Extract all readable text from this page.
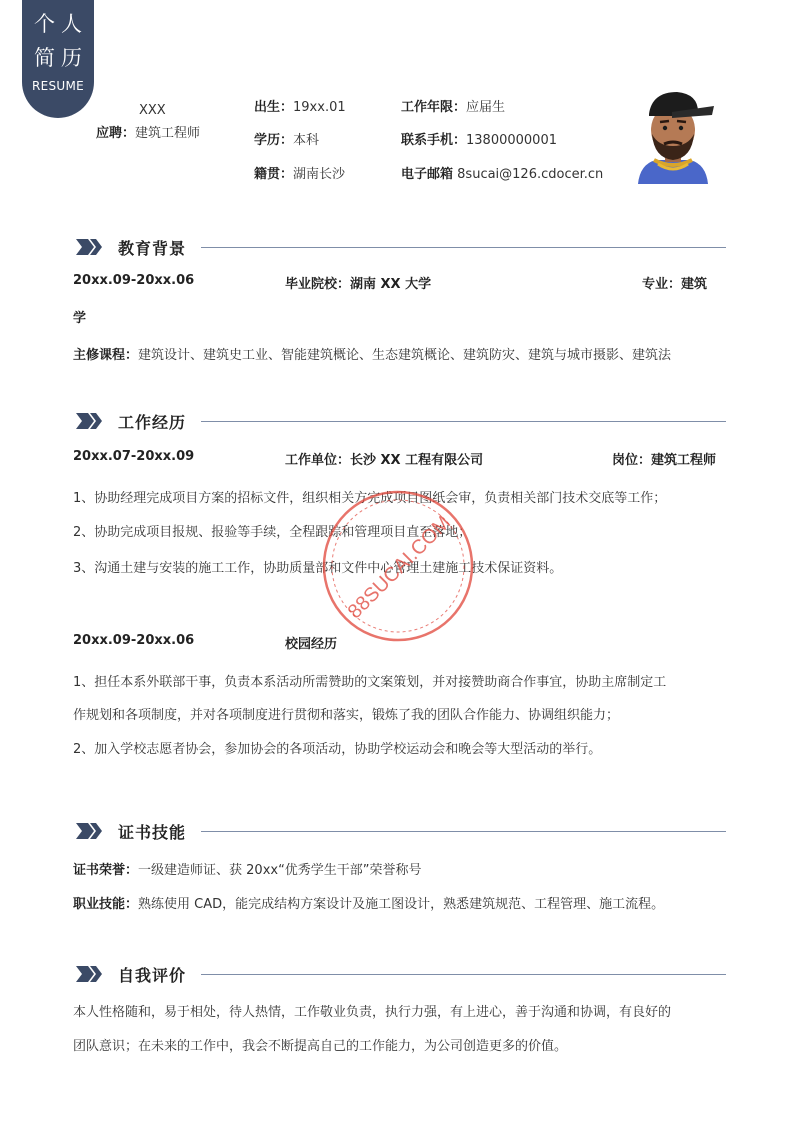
个人
简历
RESUME
XXX
应聘：建筑工程师
出生：19xx.01
学历：本科
籍贯：湖南长沙
工作年限：应届生
联系手机：13800000001
电子邮箱 8sucai@126.cdocer.cn
教育背景
20xx.09-20xx.06	毕业院校：湖南 XX 大学	专业：建筑
学
主修课程：建筑设计、建筑史工业、智能建筑概论、生态建筑概论、建筑防灾、建筑与城市摄影、建筑法
工作经历
20xx.07-20xx.09	工作单位：长沙 XX 工程有限公司	岗位：建筑工程师
1、协助经理完成项目方案的招标文件，组织相关方完成项目图纸会审，负责相关部门技术交底等工作；
2、协助完成项目报规、报验等手续，全程跟踪和管理项目直至落地；
3、沟通土建与安装的施工工作，协助质量部和文件中心管理土建施工技术保证资料。
20xx.09-20xx.06	校园经历
1、担任本系外联部干事，负责本系活动所需赞助的文案策划，并对接赞助商合作事宜，协助主席制定工
作规划和各项制度，并对各项制度进行贯彻和落实，锻炼了我的团队合作能力、协调组织能力；
2、加入学校志愿者协会，参加协会的各项活动，协助学校运动会和晚会等大型活动的举行。
证书技能
证书荣誉：一级建造师证、获 20xx“优秀学生干部”荣誉称号
职业技能：熟练使用 CAD，能完成结构方案设计及施工图设计，熟悉建筑规范、工程管理、施工流程。
自我评价
本人性格随和，易于相处，待人热情，工作敬业负责，执行力强，有上进心，善于沟通和协调，有良好的
团队意识；在未来的工作中，我会不断提高自己的工作能力，为公司创造更多的价值。
88SUCAI.COM
